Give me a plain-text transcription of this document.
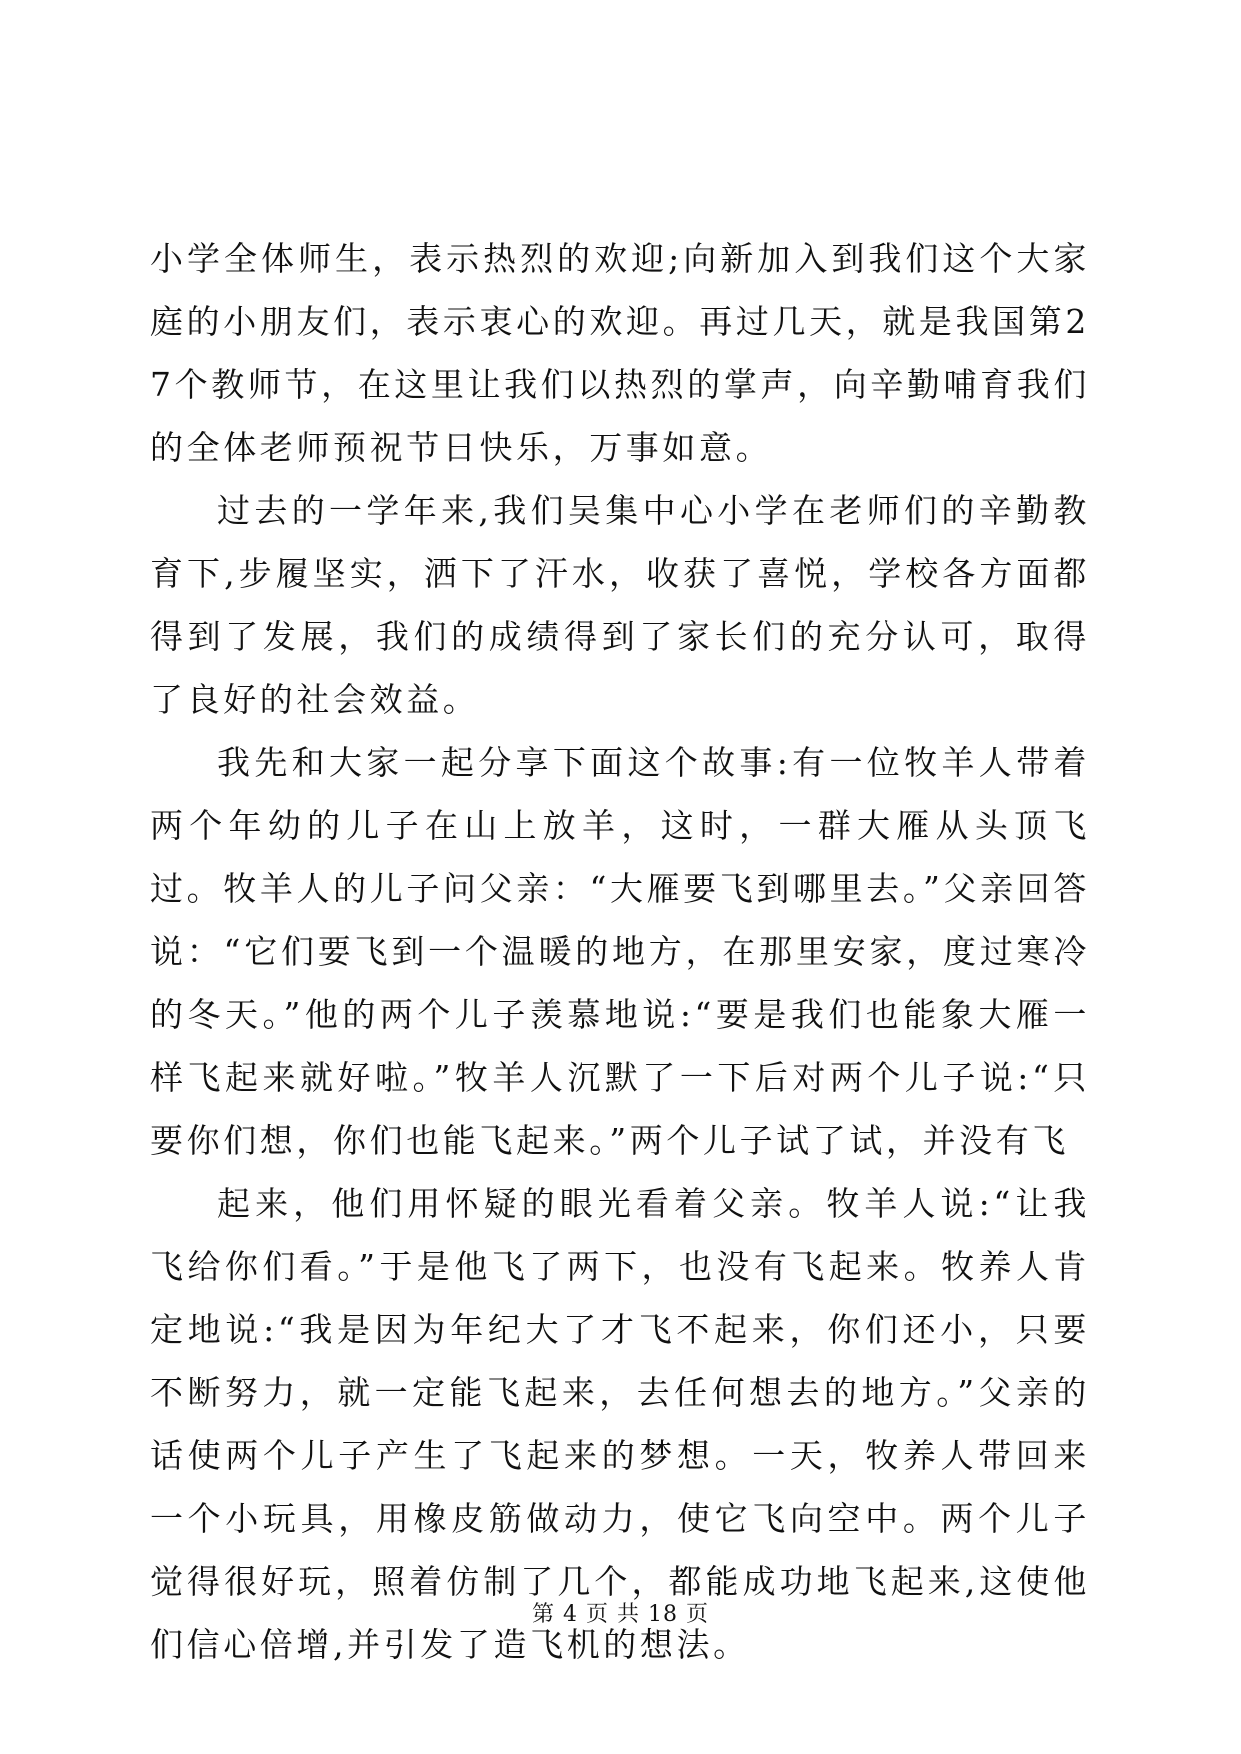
小学全体师生，表示热烈的欢迎;向新加入到我们这个大家庭的小朋友们，表示衷心的欢迎。再过几天，就是我国第27个教师节，在这里让我们以热烈的掌声，向辛勤哺育我们的全体老师预祝节日快乐，万事如意。

过去的一学年来,我们吴集中心小学在老师们的辛勤教育下,步履坚实，洒下了汗水，收获了喜悦，学校各方面都得到了发展，我们的成绩得到了家长们的充分认可，取得了良好的社会效益。

我先和大家一起分享下面这个故事:有一位牧羊人带着两个年幼的儿子在山上放羊，这时，一群大雁从头顶飞过。牧羊人的儿子问父亲：“大雁要飞到哪里去。”父亲回答说：“它们要飞到一个温暖的地方，在那里安家，度过寒冷的冬天。”他的两个儿子羡慕地说:“要是我们也能象大雁一样飞起来就好啦。”牧羊人沉默了一下后对两个儿子说:“只要你们想，你们也能飞起来。”两个儿子试了试，并没有飞

起来，他们用怀疑的眼光看着父亲。牧羊人说:“让我飞给你们看。”于是他飞了两下，也没有飞起来。牧养人肯定地说:“我是因为年纪大了才飞不起来，你们还小，只要不断努力，就一定能飞起来，去任何想去的地方。”父亲的话使两个儿子产生了飞起来的梦想。一天，牧养人带回来一个小玩具，用橡皮筋做动力，使它飞向空中。两个儿子觉得很好玩，照着仿制了几个，都能成功地飞起来,这使他们信心倍增,并引发了造飞机的想法。

第 4 页 共 18 页
